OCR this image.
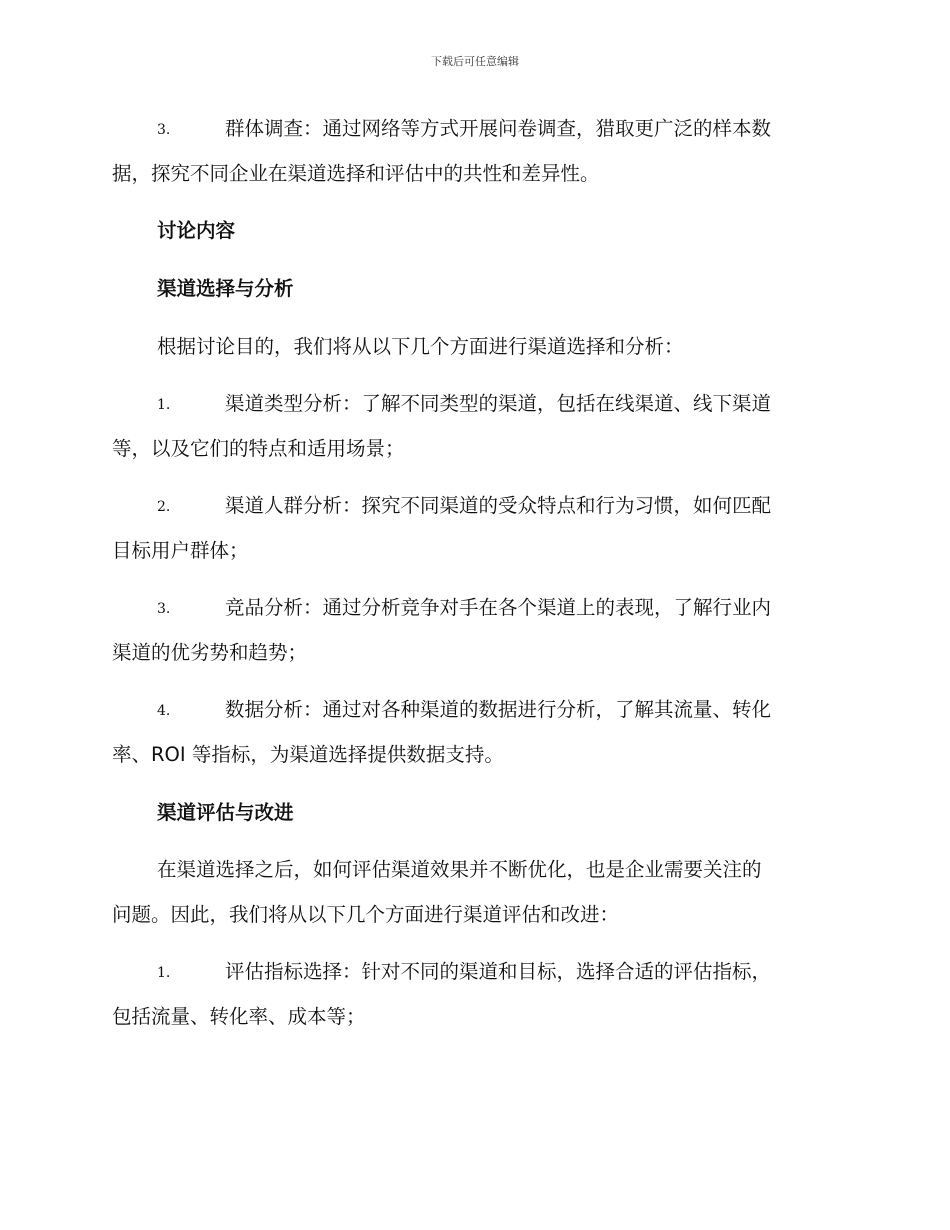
下载后可任意编辑
3.	群体调查：通过网络等方式开展问卷调查，猎取更广泛的样本数
据，探究不同企业在渠道选择和评估中的共性和差异性。
讨论内容
渠道选择与分析
根据讨论目的，我们将从以下几个方面进行渠道选择和分析：
1.	渠道类型分析：了解不同类型的渠道，包括在线渠道、线下渠道
等，以及它们的特点和适用场景；
2.	渠道人群分析：探究不同渠道的受众特点和行为习惯，如何匹配
目标用户群体；
3.	竞品分析：通过分析竞争对手在各个渠道上的表现，了解行业内
渠道的优劣势和趋势；
4.	数据分析：通过对各种渠道的数据进行分析，了解其流量、转化
率、ROI 等指标，为渠道选择提供数据支持。
渠道评估与改进
在渠道选择之后，如何评估渠道效果并不断优化，也是企业需要关注的
问题。因此，我们将从以下几个方面进行渠道评估和改进：
1.	评估指标选择：针对不同的渠道和目标，选择合适的评估指标，
包括流量、转化率、成本等；
